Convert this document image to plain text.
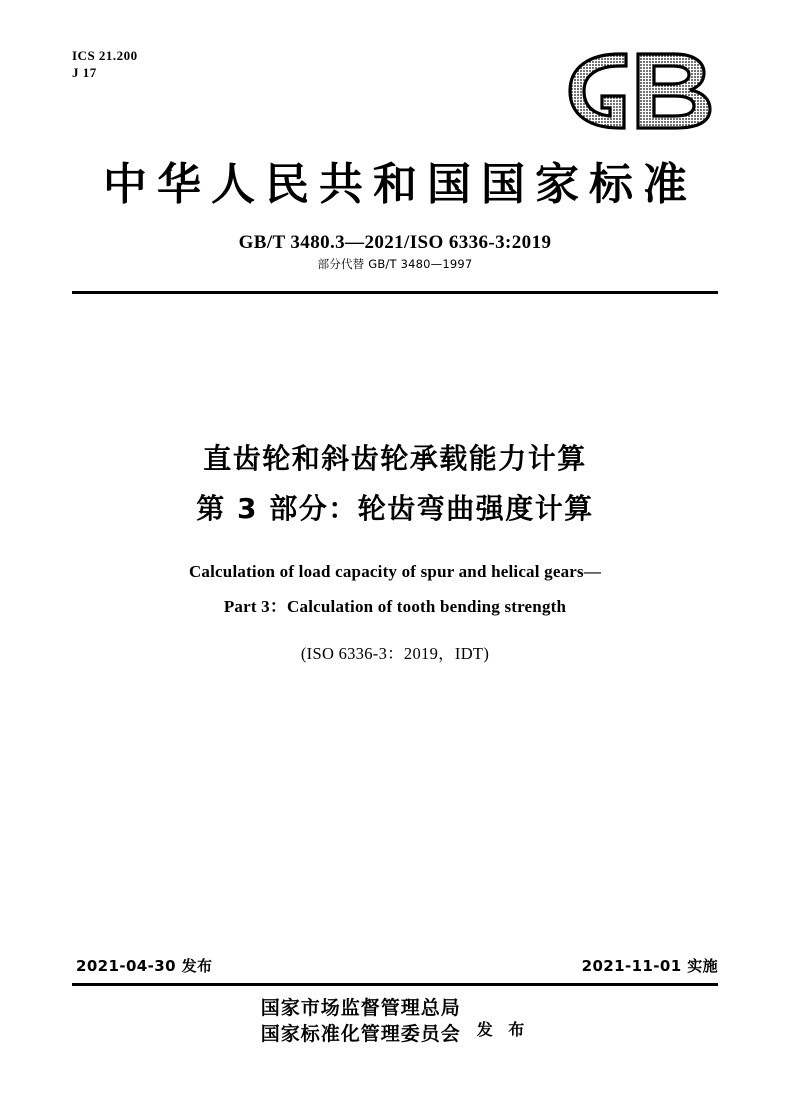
ICS 21.200
J 17
中华人民共和国国家标准
GB/T 3480.3—2021/ISO 6336-3:2019
部分代替 GB/T 3480—1997
直齿轮和斜齿轮承载能力计算
第 3 部分：轮齿弯曲强度计算
Calculation of load capacity of spur and helical gears—
Part 3：Calculation of tooth bending strength
(ISO 6336-3：2019，IDT)
2021-04-30 发布	2021-11-01 实施
国家市场监督管理总局
国家标准化管理委员会 发 布
